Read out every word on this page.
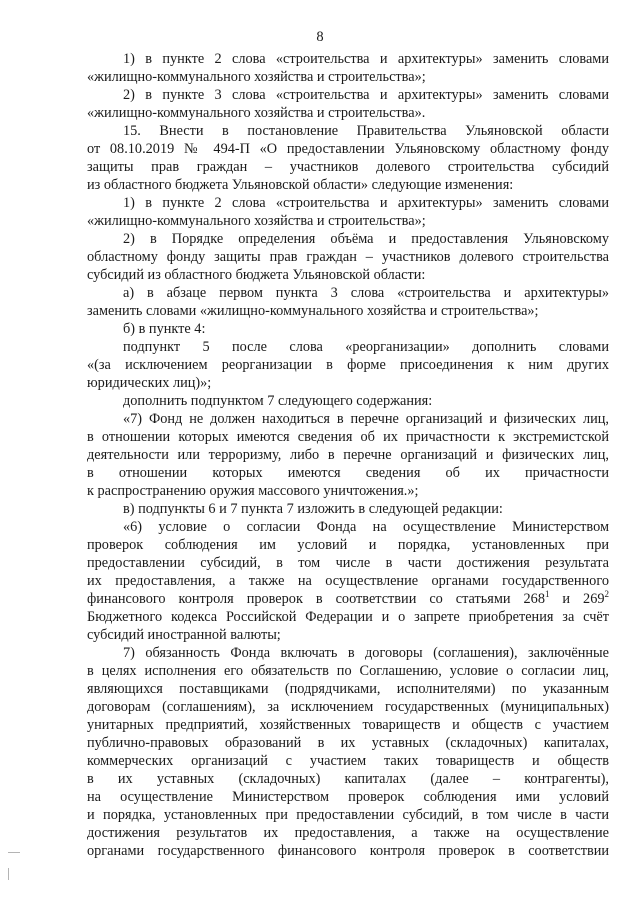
8
1) в пункте 2 слова «строительства и архитектуры» заменить словами
«жилищно-коммунального хозяйства и строительства»;
2) в пункте 3 слова «строительства и архитектуры» заменить словами
«жилищно-коммунального хозяйства и строительства».
15. Внести в постановление Правительства Ульяновской области
от 08.10.2019 № 494-П «О предоставлении Ульяновскому областному фонду
защиты прав граждан – участников долевого строительства субсидий
из областного бюджета Ульяновской области» следующие изменения:
1) в пункте 2 слова «строительства и архитектуры» заменить словами
«жилищно-коммунального хозяйства и строительства»;
2) в Порядке определения объёма и предоставления Ульяновскому
областному фонду защиты прав граждан – участников долевого строительства
субсидий из областного бюджета Ульяновской области:
а) в абзаце первом пункта 3 слова «строительства и архитектуры»
заменить словами «жилищно-коммунального хозяйства и строительства»;
б) в пункте 4:
подпункт 5 после слова «реорганизации» дополнить словами
«(за исключением реорганизации в форме присоединения к ним других
юридических лиц)»;
дополнить подпунктом 7 следующего содержания:
«7) Фонд не должен находиться в перечне организаций и физических лиц,
в отношении которых имеются сведения об их причастности к экстремистской
деятельности или терроризму, либо в перечне организаций и физических лиц,
в отношении которых имеются сведения об их причастности
к распространению оружия массового уничтожения.»;
в) подпункты 6 и 7 пункта 7 изложить в следующей редакции:
«6) условие о согласии Фонда на осуществление Министерством
проверок соблюдения им условий и порядка, установленных при
предоставлении субсидий, в том числе в части достижения результата
их предоставления, а также на осуществление органами государственного
финансового контроля проверок в соответствии со статьями $268^1$ и $269^2$
Бюджетного кодекса Российской Федерации и о запрете приобретения за счёт
субсидий иностранной валюты;
7) обязанность Фонда включать в договоры (соглашения), заключённые
в целях исполнения его обязательств по Соглашению, условие о согласии лиц,
являющихся поставщиками (подрядчиками, исполнителями) по указанным
договорам (соглашениям), за исключением государственных (муниципальных)
унитарных предприятий, хозяйственных товариществ и обществ с участием
публично-правовых образований в их уставных (складочных) капиталах,
коммерческих организаций с участием таких товариществ и обществ
в их уставных (складочных) капиталах (далее – контрагенты),
на осуществление Министерством проверок соблюдения ими условий
и порядка, установленных при предоставлении субсидий, в том числе в части
достижения результатов их предоставления, а также на осуществление
органами государственного финансового контроля проверок в соответствии
